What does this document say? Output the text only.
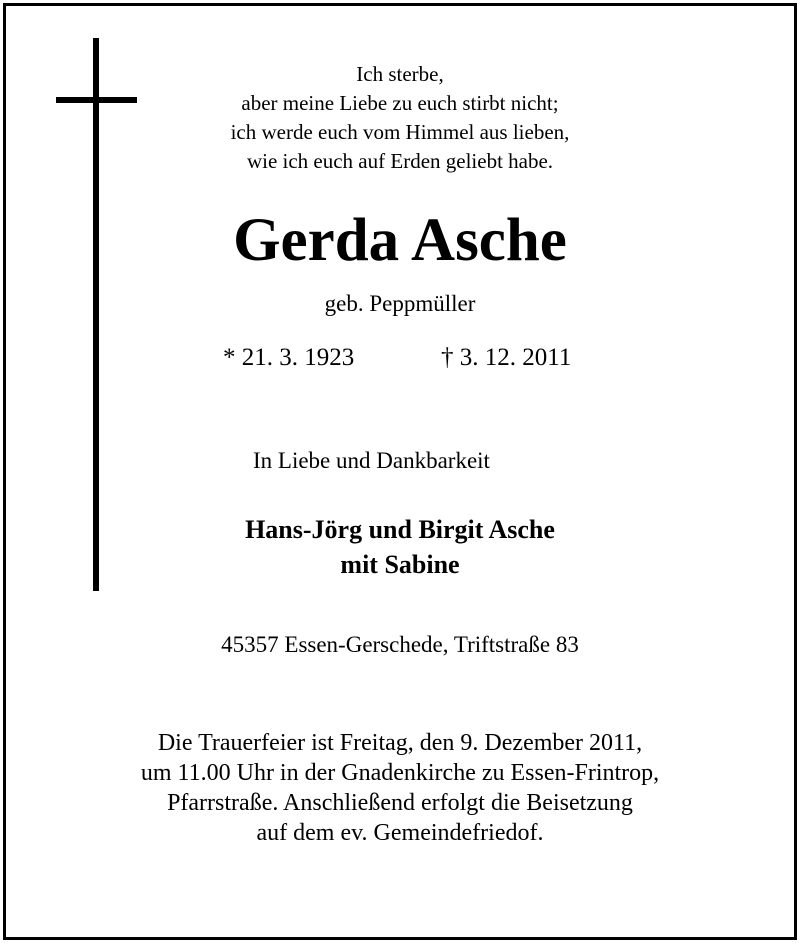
Ich sterbe,
aber meine Liebe zu euch stirbt nicht;
ich werde euch vom Himmel aus lieben,
wie ich euch auf Erden geliebt habe.
Gerda Asche
geb. Peppmüller
* 21. 3. 1923	† 3. 12. 2011
In Liebe und Dankbarkeit
Hans-Jörg und Birgit Asche
mit Sabine
45357 Essen-Gerschede, Triftstraße 83
Die Trauerfeier ist Freitag, den 9. Dezember 2011,
um 11.00 Uhr in der Gnadenkirche zu Essen-Frintrop,
Pfarrstraße. Anschließend erfolgt die Beisetzung
auf dem ev. Gemeindefriedof.
